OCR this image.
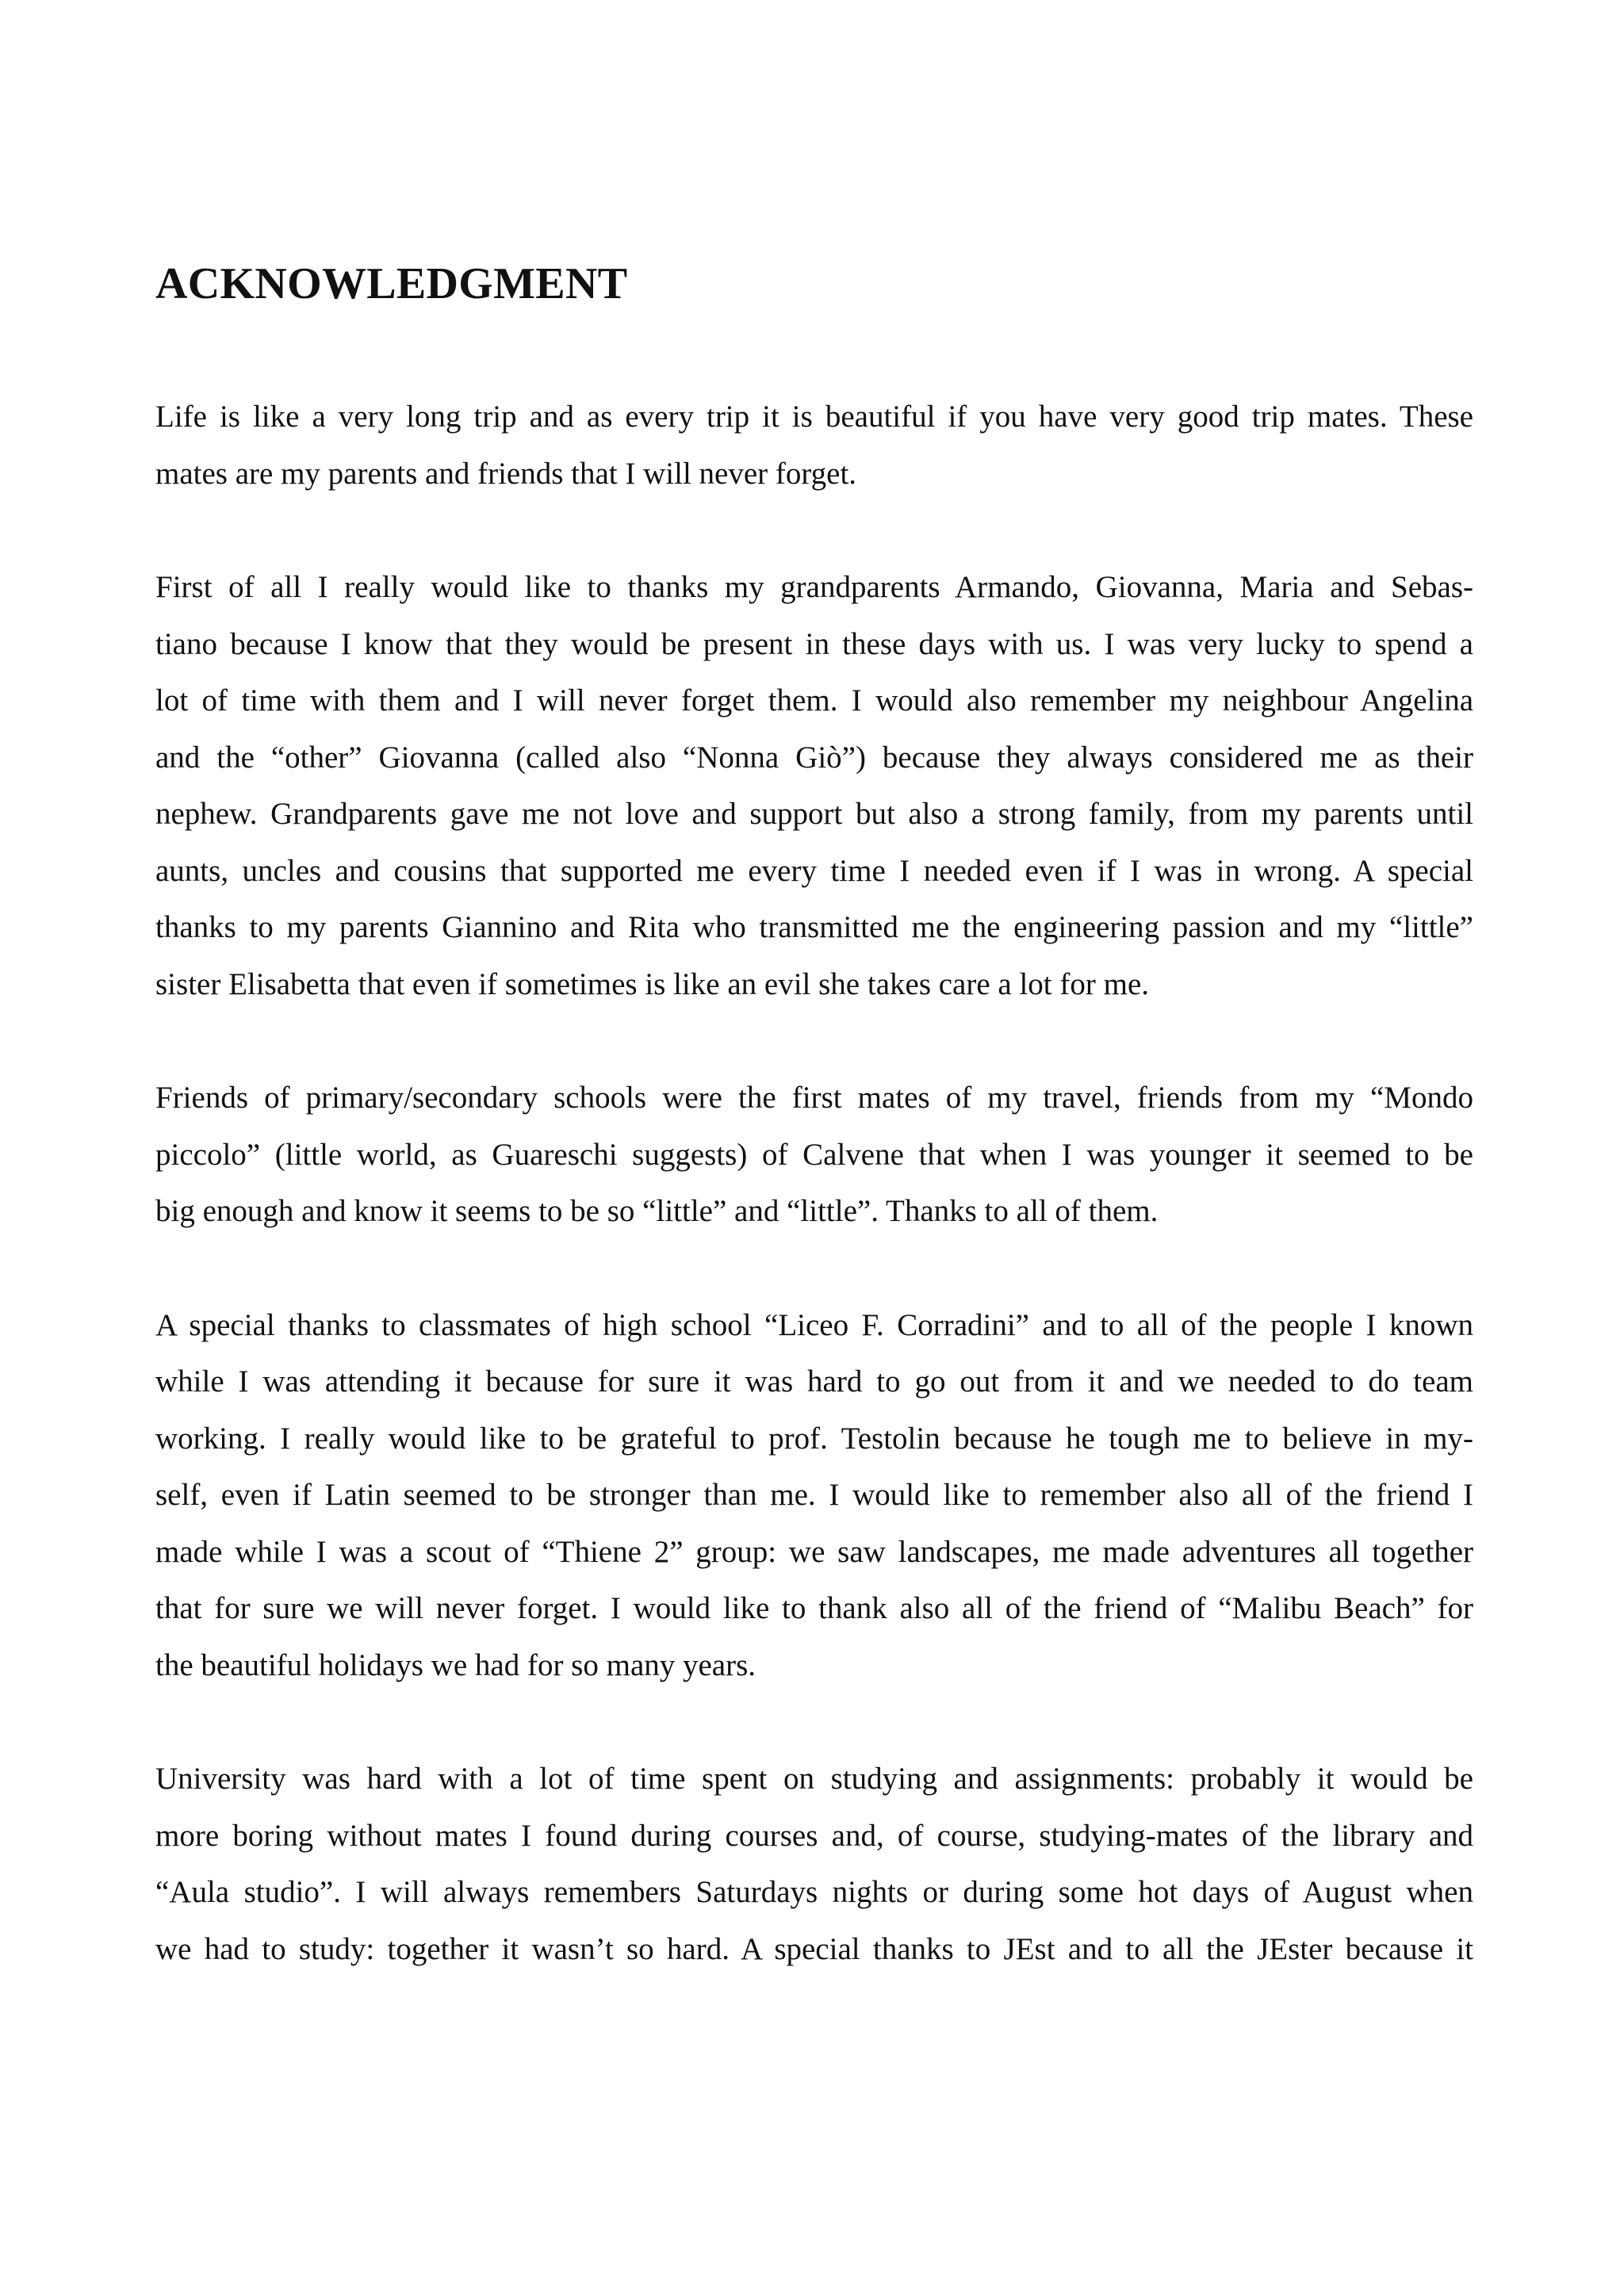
ACKNOWLEDGMENT

Life is like a very long trip and as every trip it is beautiful if you have very good trip mates. These
mates are my parents and friends that I will never forget.

First of all I really would like to thanks my grandparents Armando, Giovanna, Maria and Sebas-
tiano because I know that they would be present in these days with us. I was very lucky to spend a
lot of time with them and I will never forget them. I would also remember my neighbour Angelina
and the “other” Giovanna (called also “Nonna Giò”) because they always considered me as their
nephew. Grandparents gave me not love and support but also a strong family, from my parents until
aunts, uncles and cousins that supported me every time I needed even if I was in wrong. A special
thanks to my parents Giannino and Rita who transmitted me the engineering passion and my “little”
sister Elisabetta that even if sometimes is like an evil she takes care a lot for me.

Friends of primary/secondary schools were the first mates of my travel, friends from my “Mondo
piccolo” (little world, as Guareschi suggests) of Calvene that when I was younger it seemed to be
big enough and know it seems to be so “little” and “little”. Thanks to all of them.

A special thanks to classmates of high school “Liceo F. Corradini” and to all of the people I known
while I was attending it because for sure it was hard to go out from it and we needed to do team
working. I really would like to be grateful to prof. Testolin because he tough me to believe in my-
self, even if Latin seemed to be stronger than me. I would like to remember also all of the friend I
made while I was a scout of “Thiene 2” group: we saw landscapes, me made adventures all together
that for sure we will never forget. I would like to thank also all of the friend of “Malibu Beach” for
the beautiful holidays we had for so many years.

University was hard with a lot of time spent on studying and assignments: probably it would be
more boring without mates I found during courses and, of course, studying-mates of the library and
“Aula studio”. I will always remembers Saturdays nights or during some hot days of August when
we had to study: together it wasn’t so hard. A special thanks to JEst and to all the JEster because it
